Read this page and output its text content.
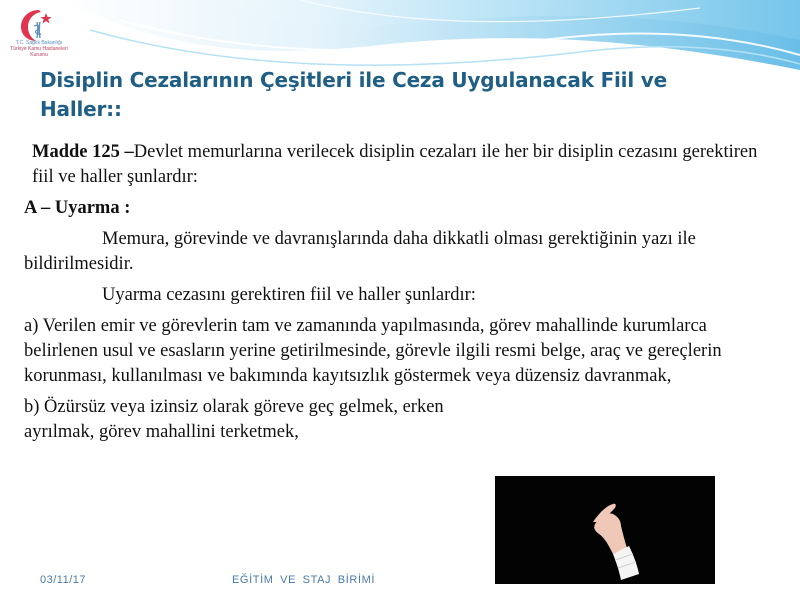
T.C. Sağlık Bakanlığı
Türkiye Kamu Hastaneleri Kurumu
Disiplin Cezalarının Çeşitleri ile Ceza Uygulanacak Fiil ve Haller::

Madde 125 –Devlet memurlarına verilecek disiplin cezaları ile her bir disiplin cezasını gerektiren fiil ve haller şunlardır:

A – Uyarma :

Memura, görevinde ve davranışlarında daha dikkatli olması gerektiğinin yazı ile bildirilmesidir.

Uyarma cezasını gerektiren fiil ve haller şunlardır:

a) Verilen emir ve görevlerin tam ve zamanında yapılmasında, görev mahallinde kurumlarca belirlenen usul ve esasların yerine getirilmesinde, görevle ilgili resmi belge, araç ve gereçlerin korunması, kullanılması ve bakımında kayıtsızlık göstermek veya düzensiz davranmak,

b) Özürsüz veya izinsiz olarak göreve geç gelmek, erken ayrılmak, görev mahallini terketmek,

03/11/17	EĞİTİM VE STAJ BİRİMİ
